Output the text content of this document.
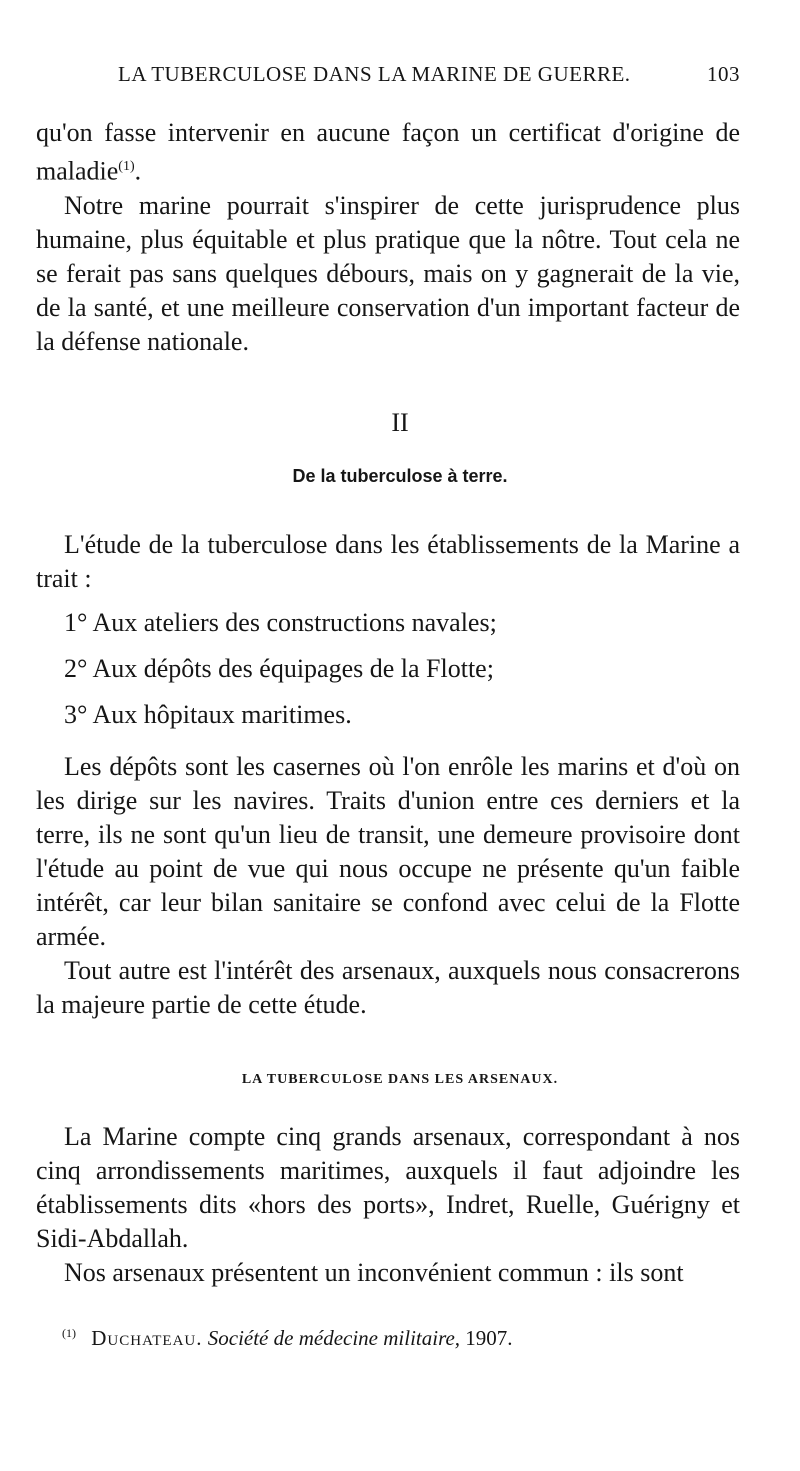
LA TUBERCULOSE DANS LA MARINE DE GUERRE.	103

qu'on fasse intervenir en aucune façon un certificat d'origine de maladie$^{(1)}$.

Notre marine pourrait s'inspirer de cette jurisprudence plus humaine, plus équitable et plus pratique que la nôtre. Tout cela ne se ferait pas sans quelques débours, mais on y gagnerait de la vie, de la santé, et une meilleure conservation d'un important facteur de la défense nationale.

II
De la tuberculose à terre.

L'étude de la tuberculose dans les établissements de la Marine a trait :

1° Aux ateliers des constructions navales;
2° Aux dépôts des équipages de la Flotte;
3° Aux hôpitaux maritimes.

Les dépôts sont les casernes où l'on enrôle les marins et d'où on les dirige sur les navires. Traits d'union entre ces derniers et la terre, ils ne sont qu'un lieu de transit, une demeure provisoire dont l'étude au point de vue qui nous occupe ne présente qu'un faible intérêt, car leur bilan sanitaire se confond avec celui de la Flotte armée.

Tout autre est l'intérêt des arsenaux, auxquels nous consacrerons la majeure partie de cette étude.

LA TUBERCULOSE DANS LES ARSENAUX.

La Marine compte cinq grands arsenaux, correspondant à nos cinq arrondissements maritimes, auxquels il faut adjoindre les établissements dits «hors des ports», Indret, Ruelle, Guérigny et Sidi-Abdallah.

Nos arsenaux présentent un inconvénient commun : ils sont

$^{(1)}$ Duchateau. Société de médecine militaire, 1907.
